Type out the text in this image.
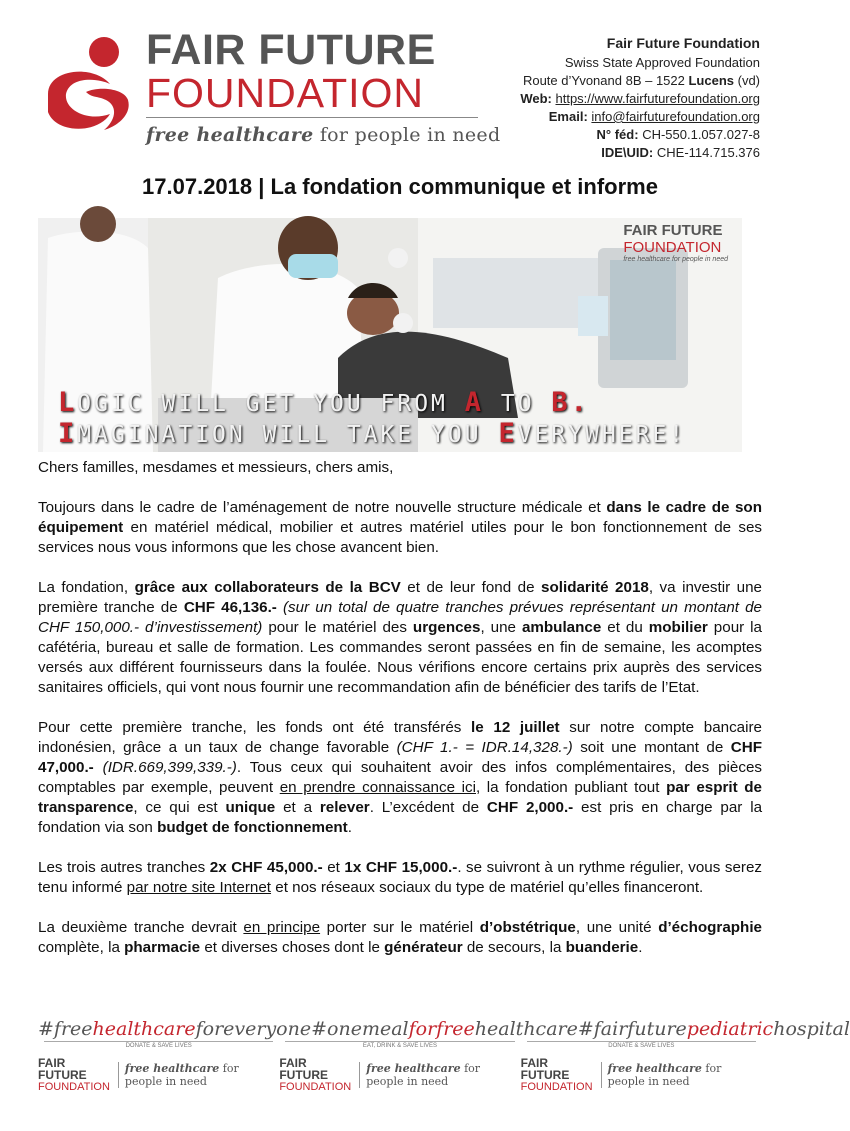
FAIR FUTURE
FOUNDATION
free healthcare for people in need
Fair Future Foundation
Swiss State Approved Foundation
Route d’Yvonand 8B – 1522 Lucens (vd)
Web: https://www.fairfuturefoundation.org
Email: info@fairfuturefoundation.org
N° féd: CH-550.1.057.027-8
IDE\UID: CHE-114.715.376
17.07.2018 | La fondation communique et informe
FAIR FUTURE
FOUNDATION
free healthcare for people in need
LOGIC WILL GET YOU FROM A TO B.
IMAGINATION WILL TAKE YOU EVERYWHERE!

Chers familles, mesdames et messieurs, chers amis,

Toujours dans le cadre de l’aménagement de notre nouvelle structure médicale et dans le cadre de son équipement en matériel médical, mobilier et autres matériel utiles pour le bon fonctionnement de ses services nous vous informons que les chose avancent bien.

La fondation, grâce aux collaborateurs de la BCV et de leur fond de solidarité 2018, va investir une première tranche de CHF 46,136.- (sur un total de quatre tranches prévues représentant un montant de CHF 150,000.- d’investissement) pour le matériel des urgences, une ambulance et du mobilier pour la cafétéria, bureau et salle de formation. Les commandes seront passées en fin de semaine, les acomptes versés aux différent fournisseurs dans la foulée. Nous vérifions encore certains prix auprès des services sanitaires officiels, qui vont nous fournir une recommandation afin de bénéficier des tarifs de l’Etat.

Pour cette première tranche, les fonds ont été transférés le 12 juillet sur notre compte bancaire indonésien, grâce a un taux de change favorable (CHF 1.- = IDR.14,328.-) soit une montant de CHF 47,000.- (IDR.669,399,339.-). Tous ceux qui souhaitent avoir des infos complémentaires, des pièces comptables par exemple, peuvent en prendre connaissance ici, la fondation publiant tout par esprit de transparence, ce qui est unique et a relever. L’excédent de CHF 2,000.- est pris en charge par la fondation via son budget de fonctionnement.

Les trois autres tranches 2x CHF 45,000.- et 1x CHF 15,000.-. se suivront à un rythme régulier, vous serez tenu informé par notre site Internet et nos réseaux sociaux du type de matériel qu’elles financeront.

La deuxième tranche devrait en principe porter sur le matériel d’obstétrique, une unité d’échographie complète, la pharmacie et diverses choses dont le générateur de secours, la buanderie.

#freehealthcareforeveryone #onemealforfreehealthcare #fairfuturepediatrichospital
DONATE & SAVE LIVES	EAT, DRINK & SAVE LIVES	DONATE & SAVE LIVES
FAIR FUTURE
FOUNDATION
free healthcare for people in need
FAIR FUTURE
FOUNDATION
free healthcare for people in need
FAIR FUTURE
FOUNDATION
free healthcare for people in need
